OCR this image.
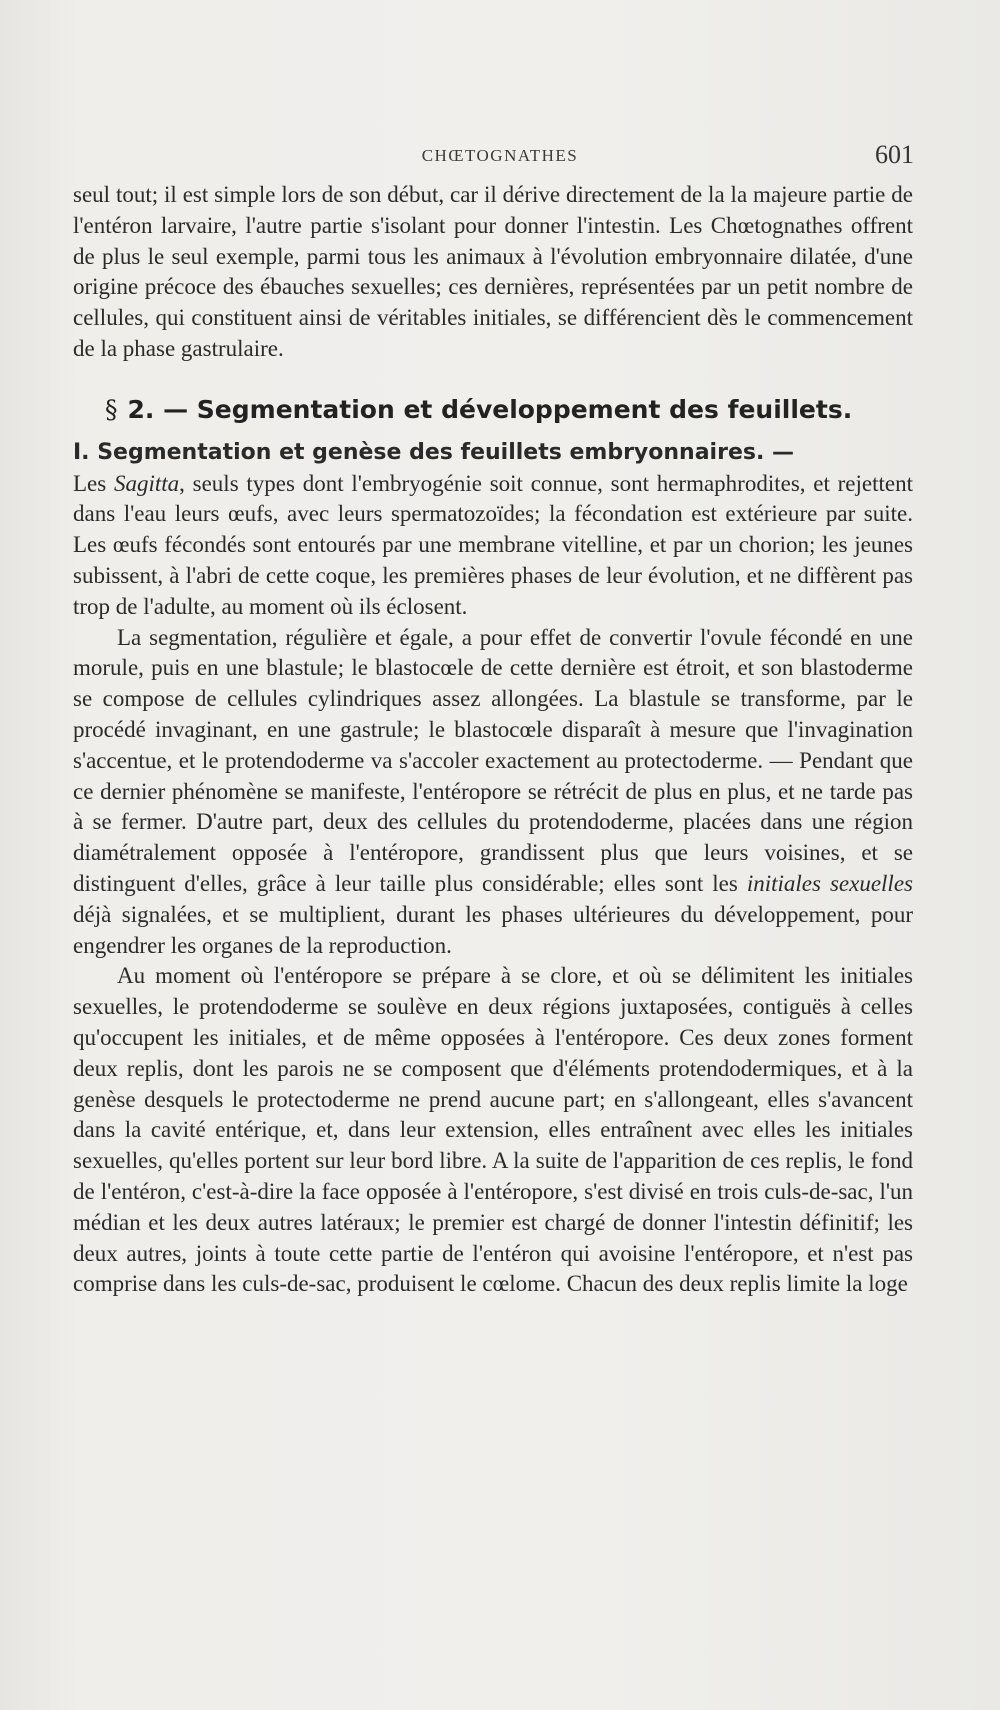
CHŒTOGNATHES	601

seul tout; il est simple lors de son début, car il dérive directement de la la majeure partie de l'entéron larvaire, l'autre partie s'isolant pour donner l'intestin. Les Chœtognathes offrent de plus le seul exemple, parmi tous les animaux à l'évolution embryonnaire dilatée, d'une origine précoce des ébauches sexuelles; ces dernières, représentées par un petit nombre de cellules, qui constituent ainsi de véritables initiales, se différencient dès le commencement de la phase gastrulaire.

§ 2. — Segmentation et développement des feuillets.

I. Segmentation et genèse des feuillets embryonnaires. —
Les Sagitta, seuls types dont l'embryogénie soit connue, sont hermaphrodites, et rejettent dans l'eau leurs œufs, avec leurs spermatozoïdes; la fécondation est extérieure par suite. Les œufs fécondés sont entourés par une membrane vitelline, et par un chorion; les jeunes subissent, à l'abri de cette coque, les premières phases de leur évolution, et ne diffèrent pas trop de l'adulte, au moment où ils éclosent.

La segmentation, régulière et égale, a pour effet de convertir l'ovule fécondé en une morule, puis en une blastule; le blastocœle de cette dernière est étroit, et son blastoderme se compose de cellules cylindriques assez allongées. La blastule se transforme, par le procédé invaginant, en une gastrule; le blastocœle disparaît à mesure que l'invagination s'accentue, et le protendoderme va s'accoler exactement au protectoderme. — Pendant que ce dernier phénomène se manifeste, l'entéropore se rétrécit de plus en plus, et ne tarde pas à se fermer. D'autre part, deux des cellules du protendoderme, placées dans une région diamétralement opposée à l'entéropore, grandissent plus que leurs voisines, et se distinguent d'elles, grâce à leur taille plus considérable; elles sont les initiales sexuelles déjà signalées, et se multiplient, durant les phases ultérieures du développement, pour engendrer les organes de la reproduction.

Au moment où l'entéropore se prépare à se clore, et où se délimitent les initiales sexuelles, le protendoderme se soulève en deux régions juxtaposées, contiguës à celles qu'occupent les initiales, et de même opposées à l'entéropore. Ces deux zones forment deux replis, dont les parois ne se composent que d'éléments protendodermiques, et à la genèse desquels le protectoderme ne prend aucune part; en s'allongeant, elles s'avancent dans la cavité entérique, et, dans leur extension, elles entraînent avec elles les initiales sexuelles, qu'elles portent sur leur bord libre. A la suite de l'apparition de ces replis, le fond de l'entéron, c'est-à-dire la face opposée à l'entéropore, s'est divisé en trois culs-de-sac, l'un médian et les deux autres latéraux; le premier est chargé de donner l'intestin définitif; les deux autres, joints à toute cette partie de l'entéron qui avoisine l'entéropore, et n'est pas comprise dans les culs-de-sac, produisent le cœlome. Chacun des deux replis limite la loge
